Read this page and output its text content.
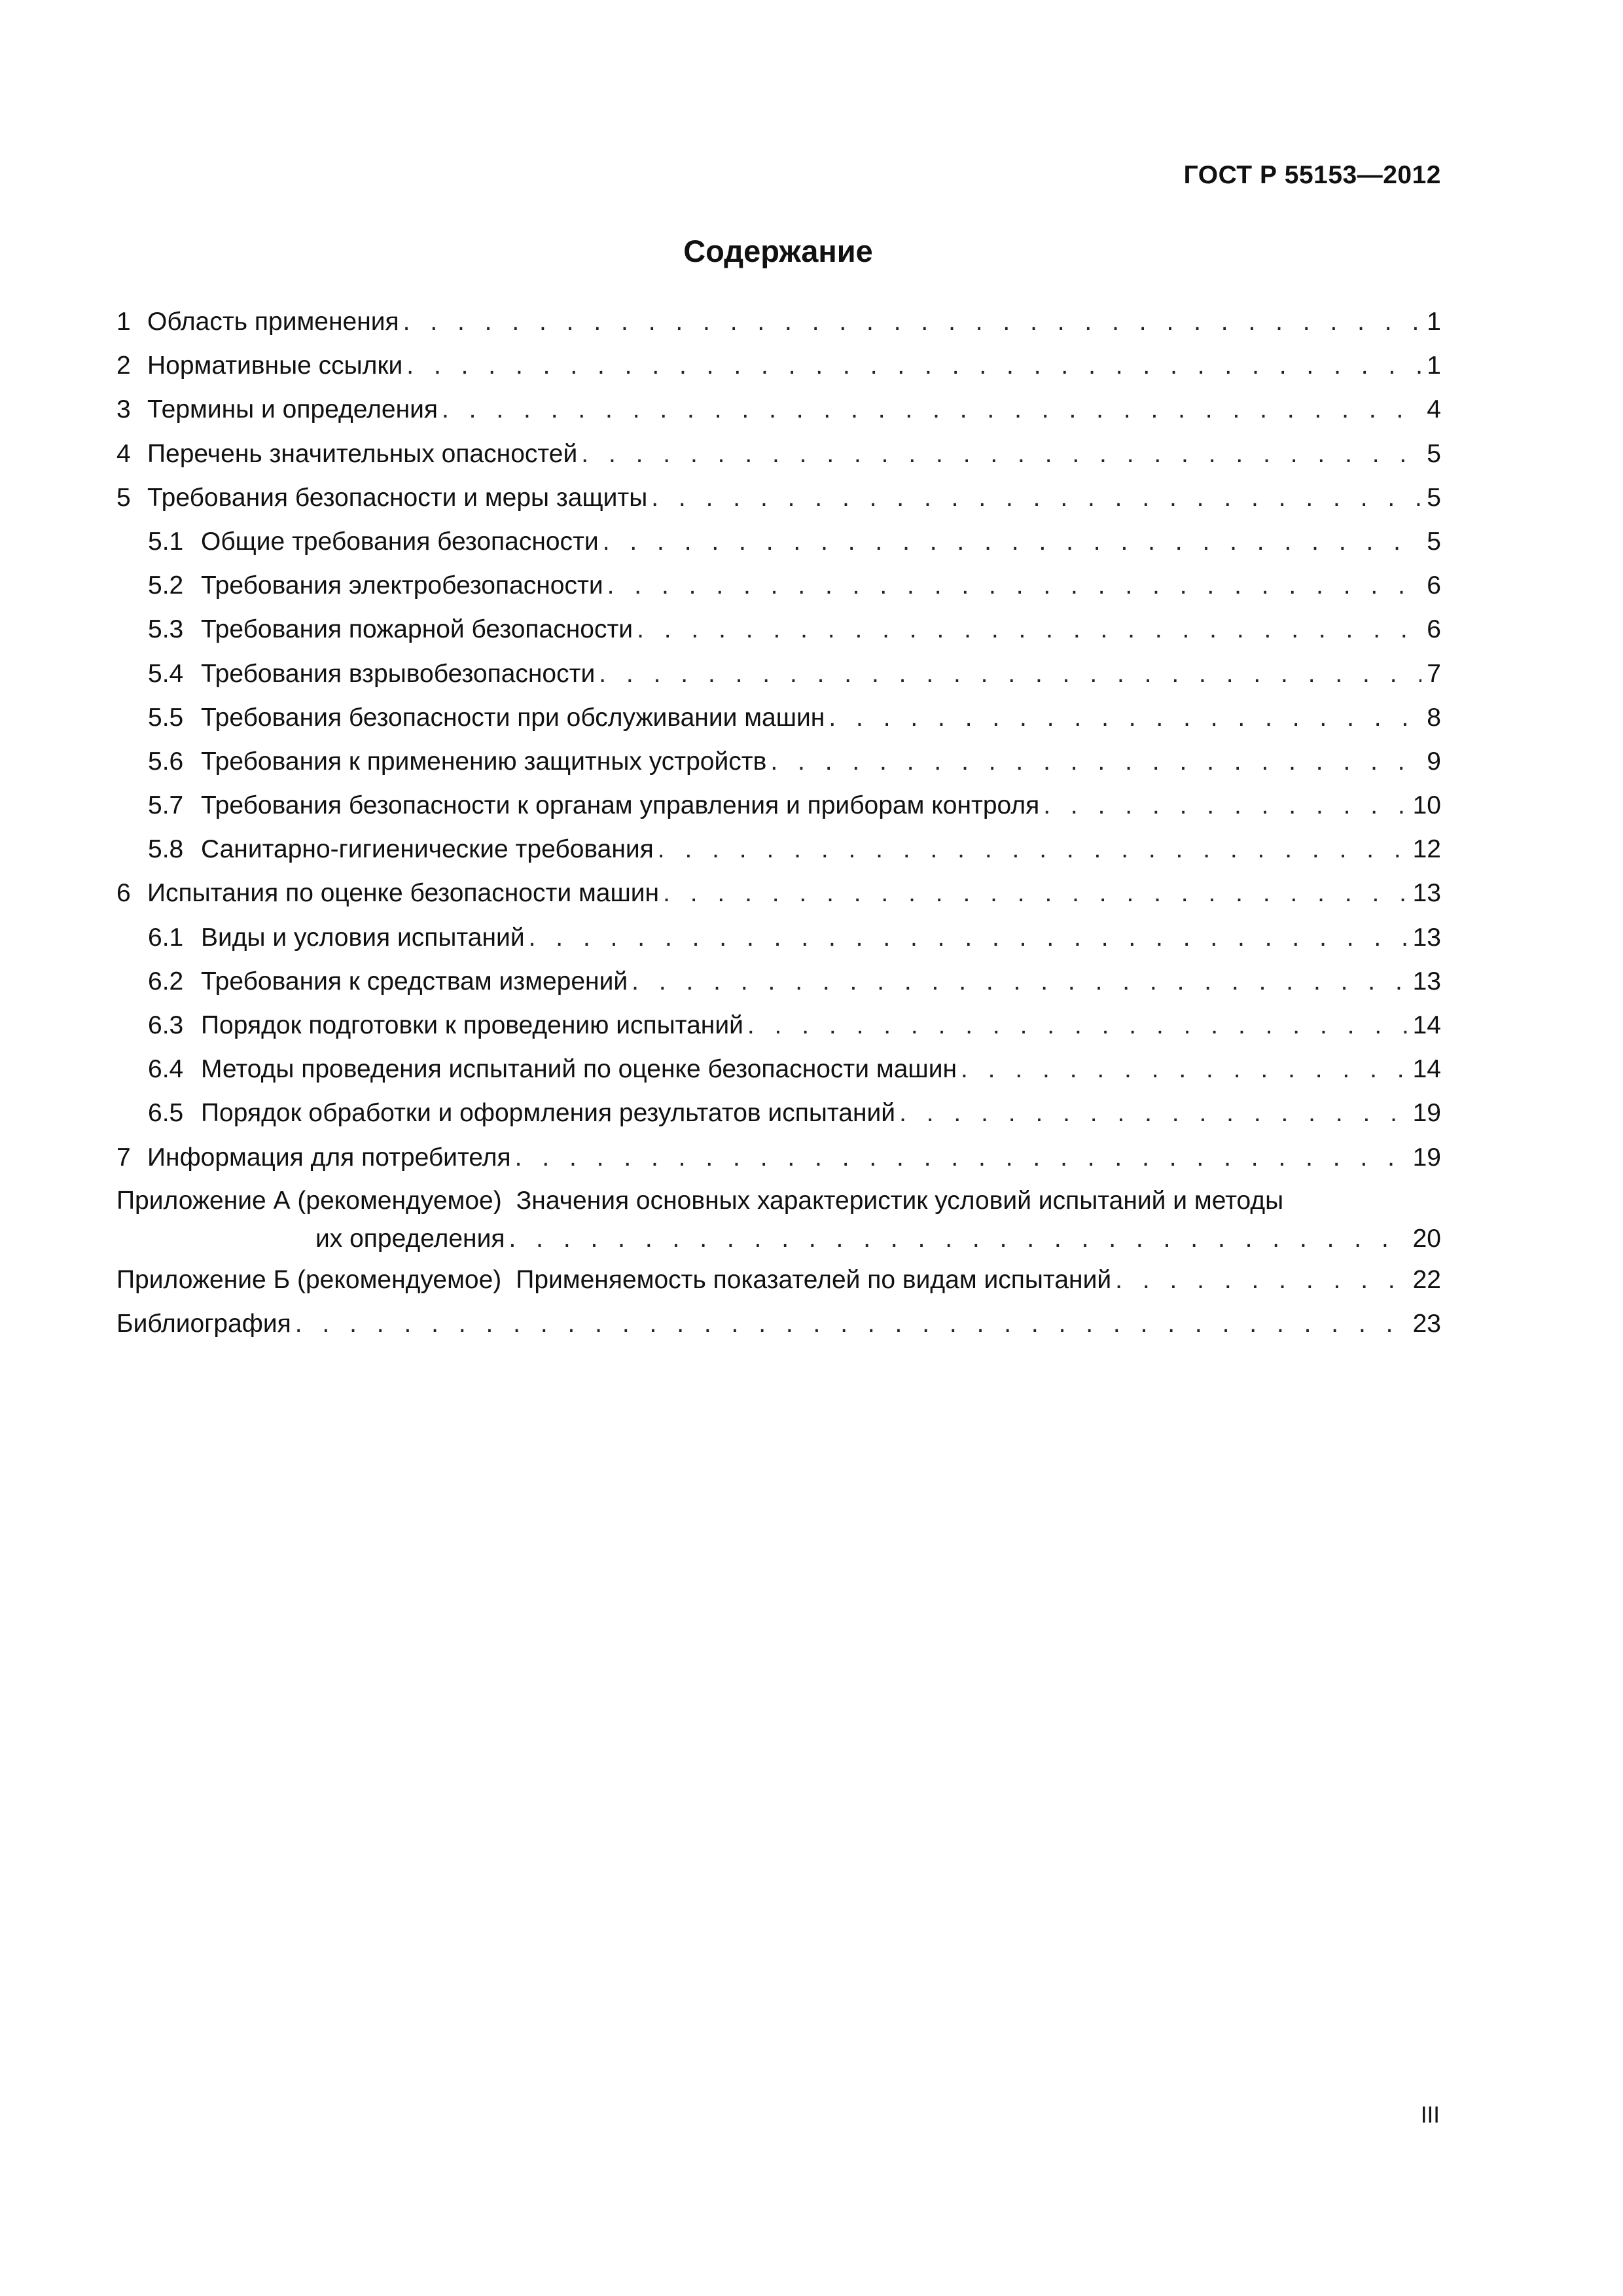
ГОСТ Р 55153—2012
Содержание
1 Область применения . . .	1
2 Нормативные ссылки . . .	1
3 Термины и определения . . .	4
4 Перечень значительных опасностей . . .	5
5 Требования безопасности и меры защиты . . .	5
5.1 Общие требования безопасности . . .	5
5.2 Требования электробезопасности . . .	6
5.3 Требования пожарной безопасности . . .	6
5.4 Требования взрывобезопасности . . .	7
5.5 Требования безопасности при обслуживании машин . . .	8
5.6 Требования к применению защитных устройств . . .	9
5.7 Требования безопасности к органам управления и приборам контроля . . .	10
5.8 Санитарно-гигиенические требования . . .	12
6 Испытания по оценке безопасности машин . . .	13
6.1 Виды и условия испытаний . . .	13
6.2 Требования к средствам измерений . . .	13
6.3 Порядок подготовки к проведению испытаний . . .	14
6.4 Методы проведения испытаний по оценке безопасности машин . . .	14
6.5 Порядок обработки и оформления результатов испытаний . . .	19
7 Информация для потребителя . . .	19
Приложение А (рекомендуемое) Значения основных характеристик условий испытаний и методы
их определения . . .	20
Приложение Б (рекомендуемое) Применяемость показателей по видам испытаний . . .	22
Библиография . . .	23
III
